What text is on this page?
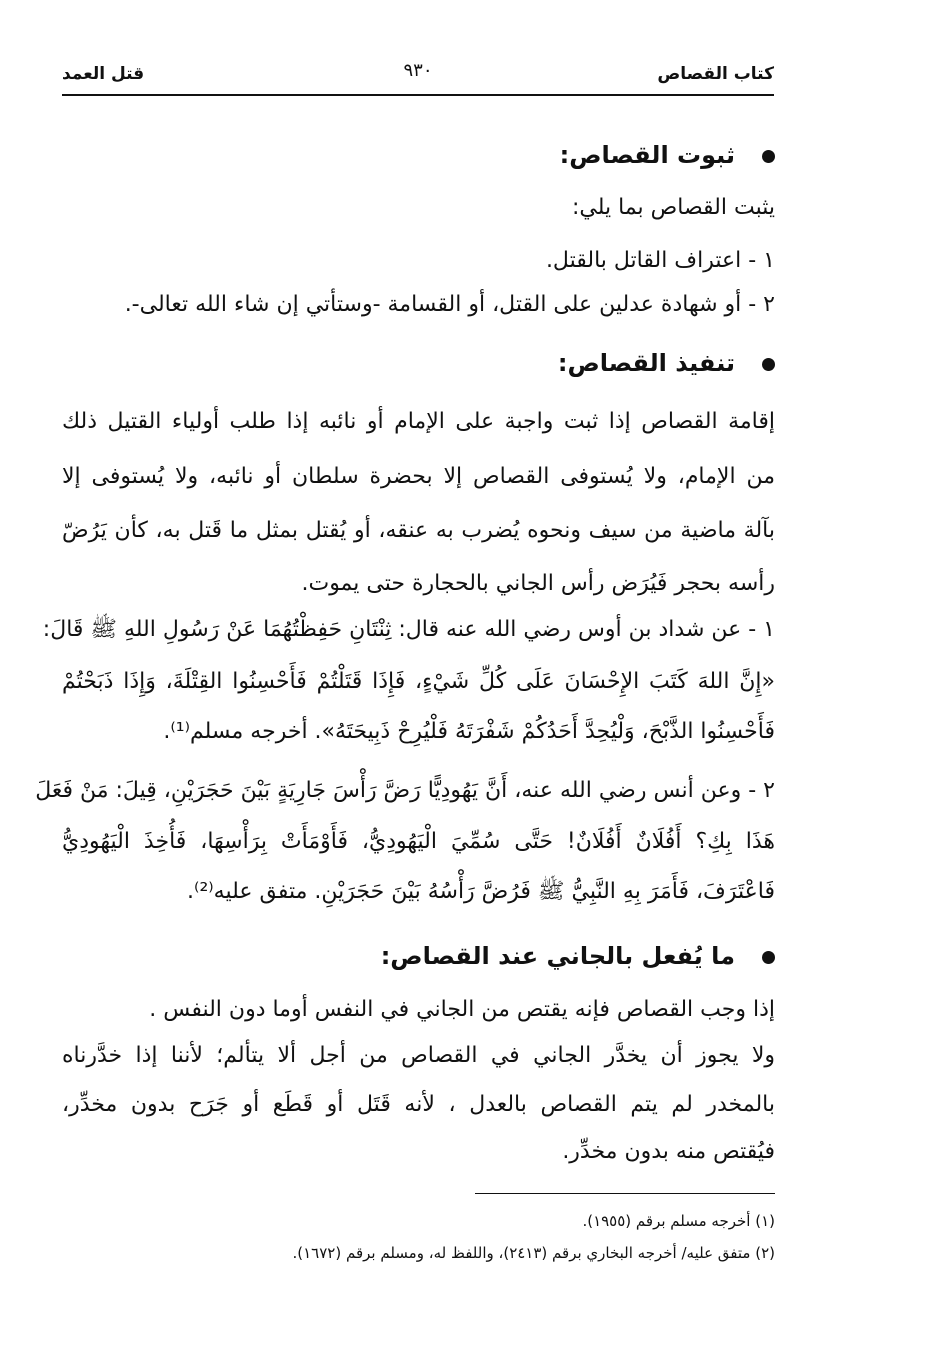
كتاب القصاص
٩٣٠
قتل العمد
ثبوت القصاص:
يثبت القصاص بما يلي:
١ - اعتراف القاتل بالقتل.
٢ - أو شهادة عدلين على القتل، أو القسامة -وستأتي إن شاء الله تعالى-.
تنفيذ القصاص:
إقامة القصاص إذا ثبت واجبة على الإمام أو نائبه إذا طلب أولياء القتيل ذلك
من الإمام، ولا يُستوفى القصاص إلا بحضرة سلطان أو نائبه، ولا يُستوفى إلا
بآلة ماضية من سيف ونحوه يُضرب به عنقه، أو يُقتل بمثل ما قَتل به، كأن يَرُضّ
رأسه بحجر فَيُرَض رأس الجاني بالحجارة حتى يموت.
١ - عن شداد بن أوس رضي الله عنه قال: ثِنْتَانِ حَفِظْتُهُمَا عَنْ رَسُولِ اللهِ ﷺ قَالَ:
«إِنَّ اللهَ كَتَبَ الإِحْسَانَ عَلَى كُلِّ شَيْءٍ، فَإِذَا قَتَلْتُمْ فَأَحْسِنُوا القِتْلَةَ، وَإِذَا ذَبَحْتُمْ
فَأَحْسِنُوا الذَّبْحَ، وَلْيُحِدَّ أَحَدُكُمْ شَفْرَتَهُ فَلْيُرِحْ ذَبِيحَتَهُ». أخرجه مسلم⁽¹⁾.
٢ - وعن أنس رضي الله عنه، أَنَّ يَهُودِيًّا رَضَّ رَأْسَ جَارِيَةٍ بَيْنَ حَجَرَيْنِ، قِيلَ: مَنْ فَعَلَ
هَذَا بِكِ؟ أَفُلَانٌ أَفُلَانٌ! حَتَّى سُمِّيَ الْيَهُودِيُّ، فَأَوْمَأَتْ بِرَأْسِهَا، فَأُخِذَ الْيَهُودِيُّ
فَاعْتَرَفَ، فَأَمَرَ بِهِ النَّبِيُّ ﷺ فَرُضَّ رَأْسُهُ بَيْنَ حَجَرَيْنِ. متفق عليه⁽²⁾.
ما يُفعل بالجاني عند القصاص:
إذا وجب القصاص فإنه يقتص من الجاني في النفس أوما دون النفس .
ولا يجوز أن يخدَّر الجاني في القصاص من أجل ألا يتألم؛ لأننا إذا خدَّرناه
بالمخدر لم يتم القصاص بالعدل ، لأنه قَتَل أو قَطَع أو جَرَح بدون مخدِّر،
فيُقتص منه بدون مخدِّر.
(١) أخرجه مسلم برقم (١٩٥٥).
(٢) متفق عليه/ أخرجه البخاري برقم (٢٤١٣)، واللفظ له، ومسلم برقم (١٦٧٢).
